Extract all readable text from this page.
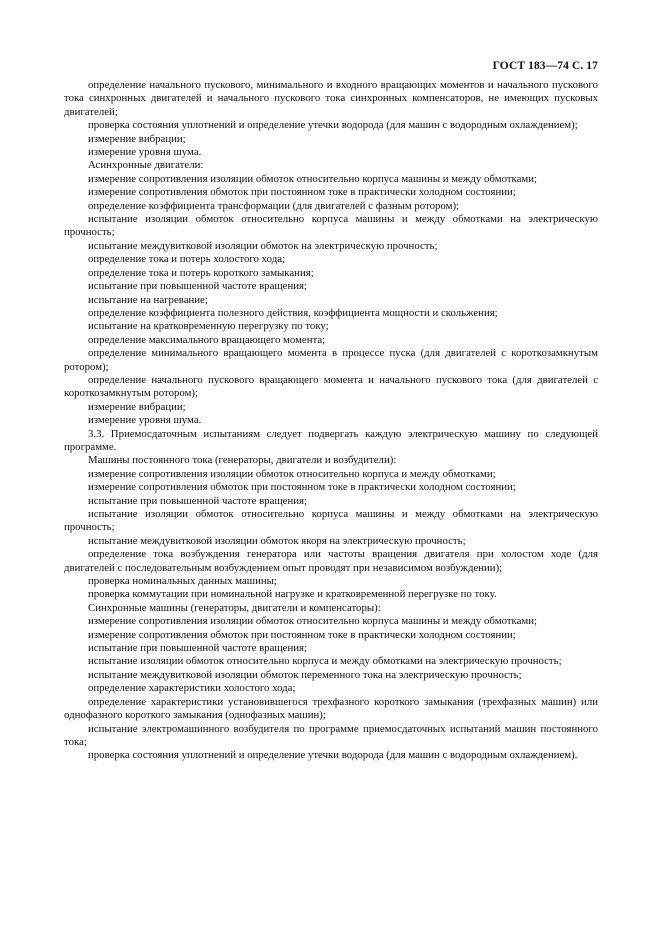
ГОСТ 183—74 С. 17

определение начального пускового, минимального и входного вращающих моментов и начального пускового тока синхронных двигателей и начального пускового тока синхронных компенсаторов, не имеющих пусковых двигателей;

проверка состояния уплотнений и определение утечки водорода (для машин с водородным охлаждением);

измерение вибрации;

измерение уровня шума.

Асинхронные двигатели:

измерение сопротивления изоляции обмоток относительно корпуса машины и между обмотками;

измерение сопротивления обмоток при постоянном токе в практически холодном состоянии;

определение коэффициента трансформации (для двигателей с фазным ротором);

испытание изоляции обмоток относительно корпуса машины и между обмотками на электрическую прочность;

испытание междувитковой изоляции обмоток на электрическую прочность;

определение тока и потерь холостого хода;

определение тока и потерь короткого замыкания;

испытание при повышенной частоте вращения;

испытание на нагревание;

определение коэффициента полезного действия, коэффициента мощности и скольжения;

испытание на кратковременную перегрузку по току;

определение максимального вращающего момента;

определение минимального вращающего момента в процессе пуска (для двигателей с короткозамкнутым ротором);

определение начального пускового вращающего момента и начального пускового тока (для двигателей с короткозамкнутым ротором);

измерение вибрации;

измерение уровня шума.

3.3. Приемосдаточным испытаниям следует подвергать каждую электрическую машину по следующей программе.

Машины постоянного тока (генераторы, двигатели и возбудители):

измерение сопротивления изоляции обмоток относительно корпуса и между обмотками;

измерение сопротивления обмоток при постоянном токе в практически холодном состоянии;

испытание при повышенной частоте вращения;

испытание изоляции обмоток относительно корпуса машины и между обмотками на электрическую прочность;

испытание междувитковой изоляции обмоток якоря на электрическую прочность;

определение тока возбуждения генератора или частоты вращения двигателя при холостом ходе (для двигателей с последовательным возбуждением опыт проводят при независимом возбуждении);

проверка номинальных данных машины;

проверка коммутации при номинальной нагрузке и кратковременной перегрузке по току.

Синхронные машины (генераторы, двигатели и компенсаторы):

измерение сопротивления изоляции обмоток относительно корпуса машины и между обмотками;

измерение сопротивления обмоток при постоянном токе в практически холодном состоянии;

испытание при повышенной частоте вращения;

испытание изоляции обмоток относительно корпуса и между обмотками на электрическую прочность;

испытание междувитковой изоляции обмоток переменного тока на электрическую прочность;

определение характеристики холостого хода;

определение характеристики установившегося трехфазного короткого замыкания (трехфазных машин) или однофазного короткого замыкания (однофазных машин);

испытание электромашинного возбудителя по программе приемосдаточных испытаний машин постоянного тока;

проверка состояния уплотнений и определение утечки водорода (для машин с водородным охлаждением).
